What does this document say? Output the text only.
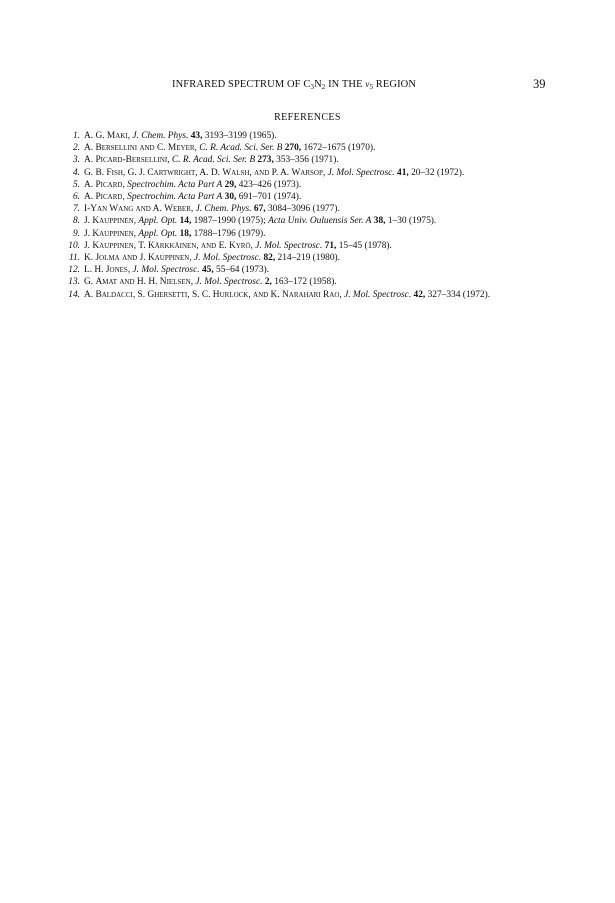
INFRARED SPECTRUM OF $C_3N_2$ IN THE $\nu_5$ REGION	39
REFERENCES
1. A. G. Maki, J. Chem. Phys. 43, 3193–3199 (1965).
2. A. Bersellini and C. Meyer, C. R. Acad. Sci. Ser. B 270, 1672–1675 (1970).
3. A. Picard-Bersellini, C. R. Acad. Sci. Ser. B 273, 353–356 (1971).
4. G. B. Fish, G. J. Cartwright, A. D. Walsh, and P. A. Warsop, J. Mol. Spectrosc. 41, 20–32 (1972).
5. A. Picard, Spectrochim. Acta Part A 29, 423–426 (1973).
6. A. Picard, Spectrochim. Acta Part A 30, 691–701 (1974).
7. I-Yan Wang and A. Weber, J. Chem. Phys. 67, 3084–3096 (1977).
8. J. Kauppinen, Appl. Opt. 14, 1987–1990 (1975); Acta Univ. Ouluensis Ser. A 38, 1–30 (1975).
9. J. Kauppinen, Appl. Opt. 18, 1788–1796 (1979).
10. J. Kauppinen, T. Kärkkäinen, and E. Kyrö, J. Mol. Spectrosc. 71, 15–45 (1978).
11. K. Jolma and J. Kauppinen, J. Mol. Spectrosc. 82, 214–219 (1980).
12. L. H. Jones, J. Mol. Spectrosc. 45, 55–64 (1973).
13. G. Amat and H. H. Nielsen, J. Mol. Spectrosc. 2, 163–172 (1958).
14. A. Baldacci, S. Ghersetti, S. C. Hurlock, and K. Narahari Rao, J. Mol. Spectrosc. 42, 327–334 (1972).
